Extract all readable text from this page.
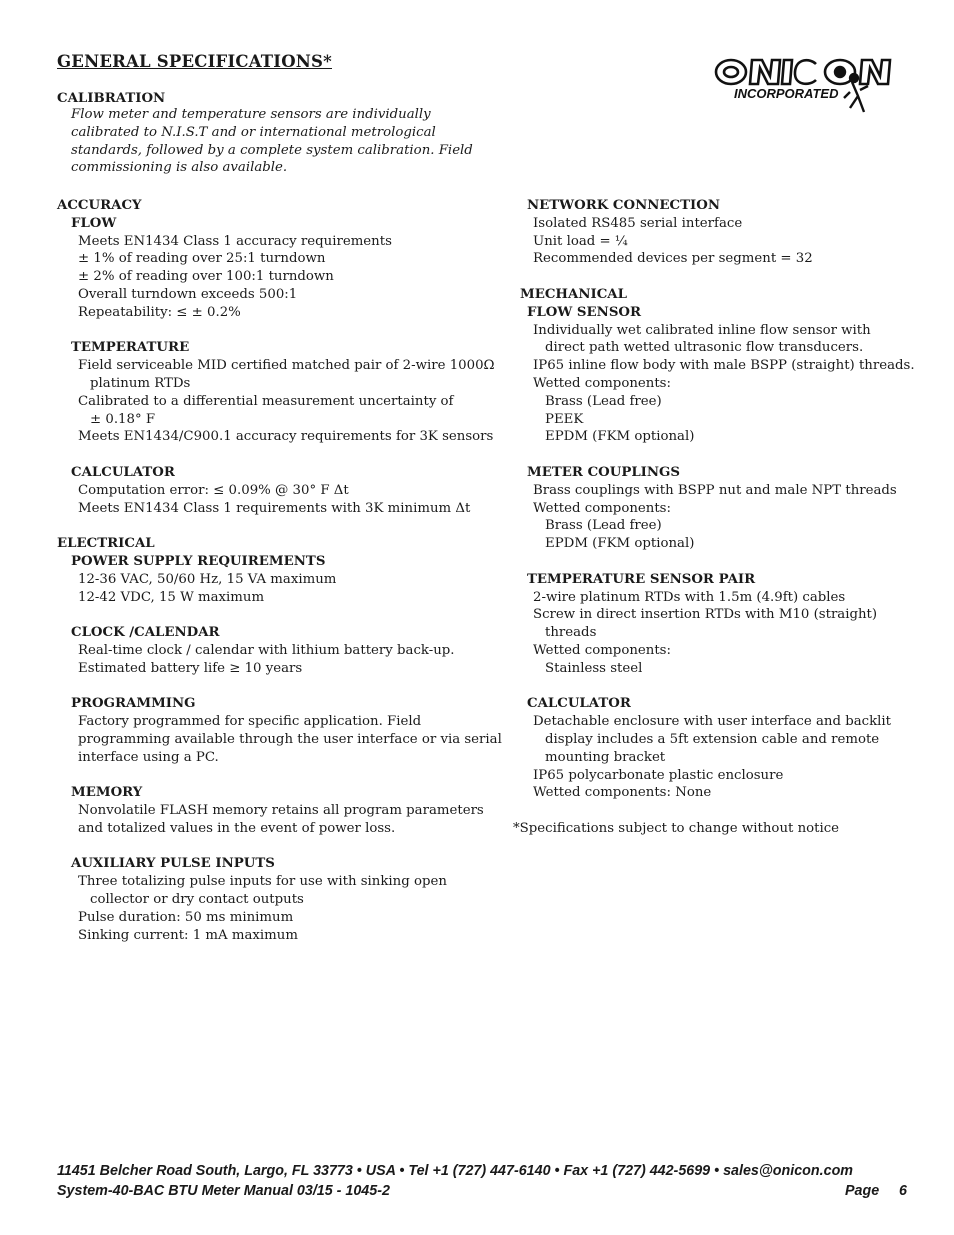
GENERAL SPECIFICATIONS*
INCORPORATED
CALIBRATION
Flow meter and temperature sensors are individually
calibrated to N.I.S.T and or international metrological
standards, followed by a complete system calibration. Field
commissioning is also available.
ACCURACY
FLOW
Meets EN1434 Class 1 accuracy requirements
± 1% of reading over 25:1 turndown
± 2% of reading over 100:1 turndown
Overall turndown exceeds 500:1
Repeatability: ≤ ± 0.2%
TEMPERATURE
Field serviceable MID certified matched pair of 2-wire 1000Ω
platinum RTDs
Calibrated to a differential measurement uncertainty of
± 0.18° F
Meets EN1434/C900.1 accuracy requirements for 3K sensors
CALCULATOR
Computation error: ≤ 0.09% @ 30° F Δt
Meets EN1434 Class 1 requirements with 3K minimum Δt
ELECTRICAL
POWER SUPPLY REQUIREMENTS
12-36 VAC, 50/60 Hz, 15 VA maximum
12-42 VDC, 15 W maximum
CLOCK /CALENDAR
Real-time clock / calendar with lithium battery back-up.
Estimated battery life ≥ 10 years
PROGRAMMING
Factory programmed for specific application. Field
programming available through the user interface or via serial
interface using a PC.
MEMORY
Nonvolatile FLASH memory retains all program parameters
and totalized values in the event of power loss.
AUXILIARY PULSE INPUTS
Three totalizing pulse inputs for use with sinking open
collector or dry contact outputs
Pulse duration: 50 ms minimum
Sinking current: 1 mA maximum
NETWORK CONNECTION
Isolated RS485 serial interface
Unit load = ¼
Recommended devices per segment = 32
MECHANICAL
FLOW SENSOR
Individually wet calibrated inline flow sensor with
direct path wetted ultrasonic flow transducers.
IP65 inline flow body with male BSPP (straight) threads.
Wetted components:
Brass (Lead free)
PEEK
EPDM (FKM optional)
METER COUPLINGS
Brass couplings with BSPP nut and male NPT threads
Wetted components:
Brass (Lead free)
EPDM (FKM optional)
TEMPERATURE SENSOR PAIR
2-wire platinum RTDs with 1.5m (4.9ft) cables
Screw in direct insertion RTDs with M10 (straight)
threads
Wetted components:
Stainless steel
CALCULATOR
Detachable enclosure with user interface and backlit
display includes a 5ft extension cable and remote
mounting bracket
IP65 polycarbonate plastic enclosure
Wetted components: None
*Specifications subject to change without notice
11451 Belcher Road South, Largo, FL 33773 • USA • Tel +1 (727) 447-6140 • Fax +1 (727) 442-5699 • sales@onicon.com
System-40-BAC BTU Meter Manual 03/15 - 1045-2	Page     6
